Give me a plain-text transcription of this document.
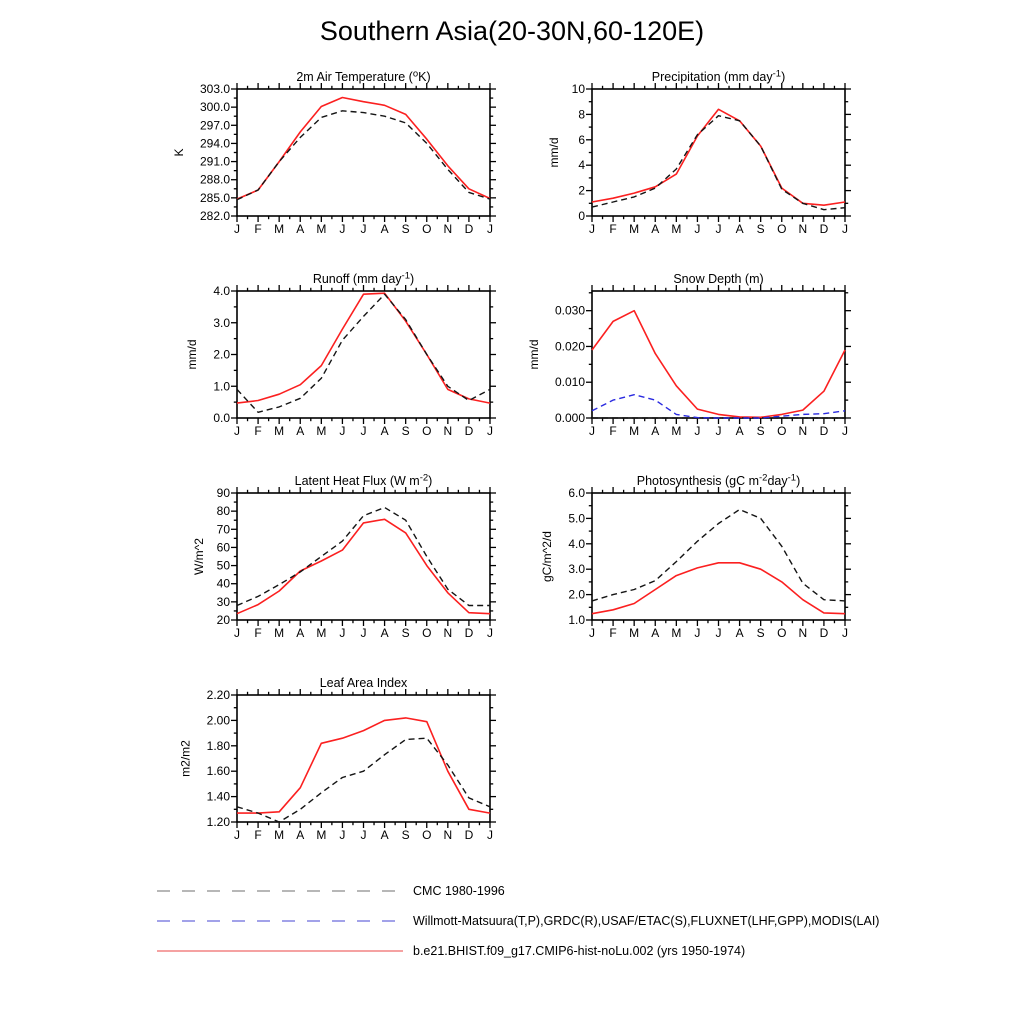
Southern Asia(20-30N,60-120E)
J F M A M J J A S O N D J
282.0
285.0
288.0
291.0
294.0
297.0
300.0
303.0
2m Air Temperature ($^o$K)
K
J F M A M J J A S O N D J
0
2
4
6
8
10
Precipitation (mm day$^{-1}$)
mm/d
J F M A M J J A S O N D J
0.0
1.0
2.0
3.0
4.0
Runoff (mm day$^{-1}$)
mm/d
J F M A M J J A S O N D J
0.000
0.010
0.020
0.030
Snow Depth (m)
mm/d
J F M A M J J A S O N D J
20
30
40
50
60
70
80
90
Latent Heat Flux (W $m^{-2}$)
W/m^2
J F M A M J J A S O N D J
1.0
2.0
3.0
4.0
5.0
6.0
Photosynthesis (gC $m^{-2}day^{-1}$)
gC/m^2/d
J F M A M J J A S O N D J
1.20
1.40
1.60
1.80
2.00
2.20
Leaf Area Index
m2/m2
CMC 1980-1996
Willmott-Matsuura(T,P),GRDC(R),USAF/ETAC(S),FLUXNET(LHF,GPP),MODIS(LAI)
b.e21.BHIST.f09_g17.CMIP6-hist-noLu.002 (yrs 1950-1974)
